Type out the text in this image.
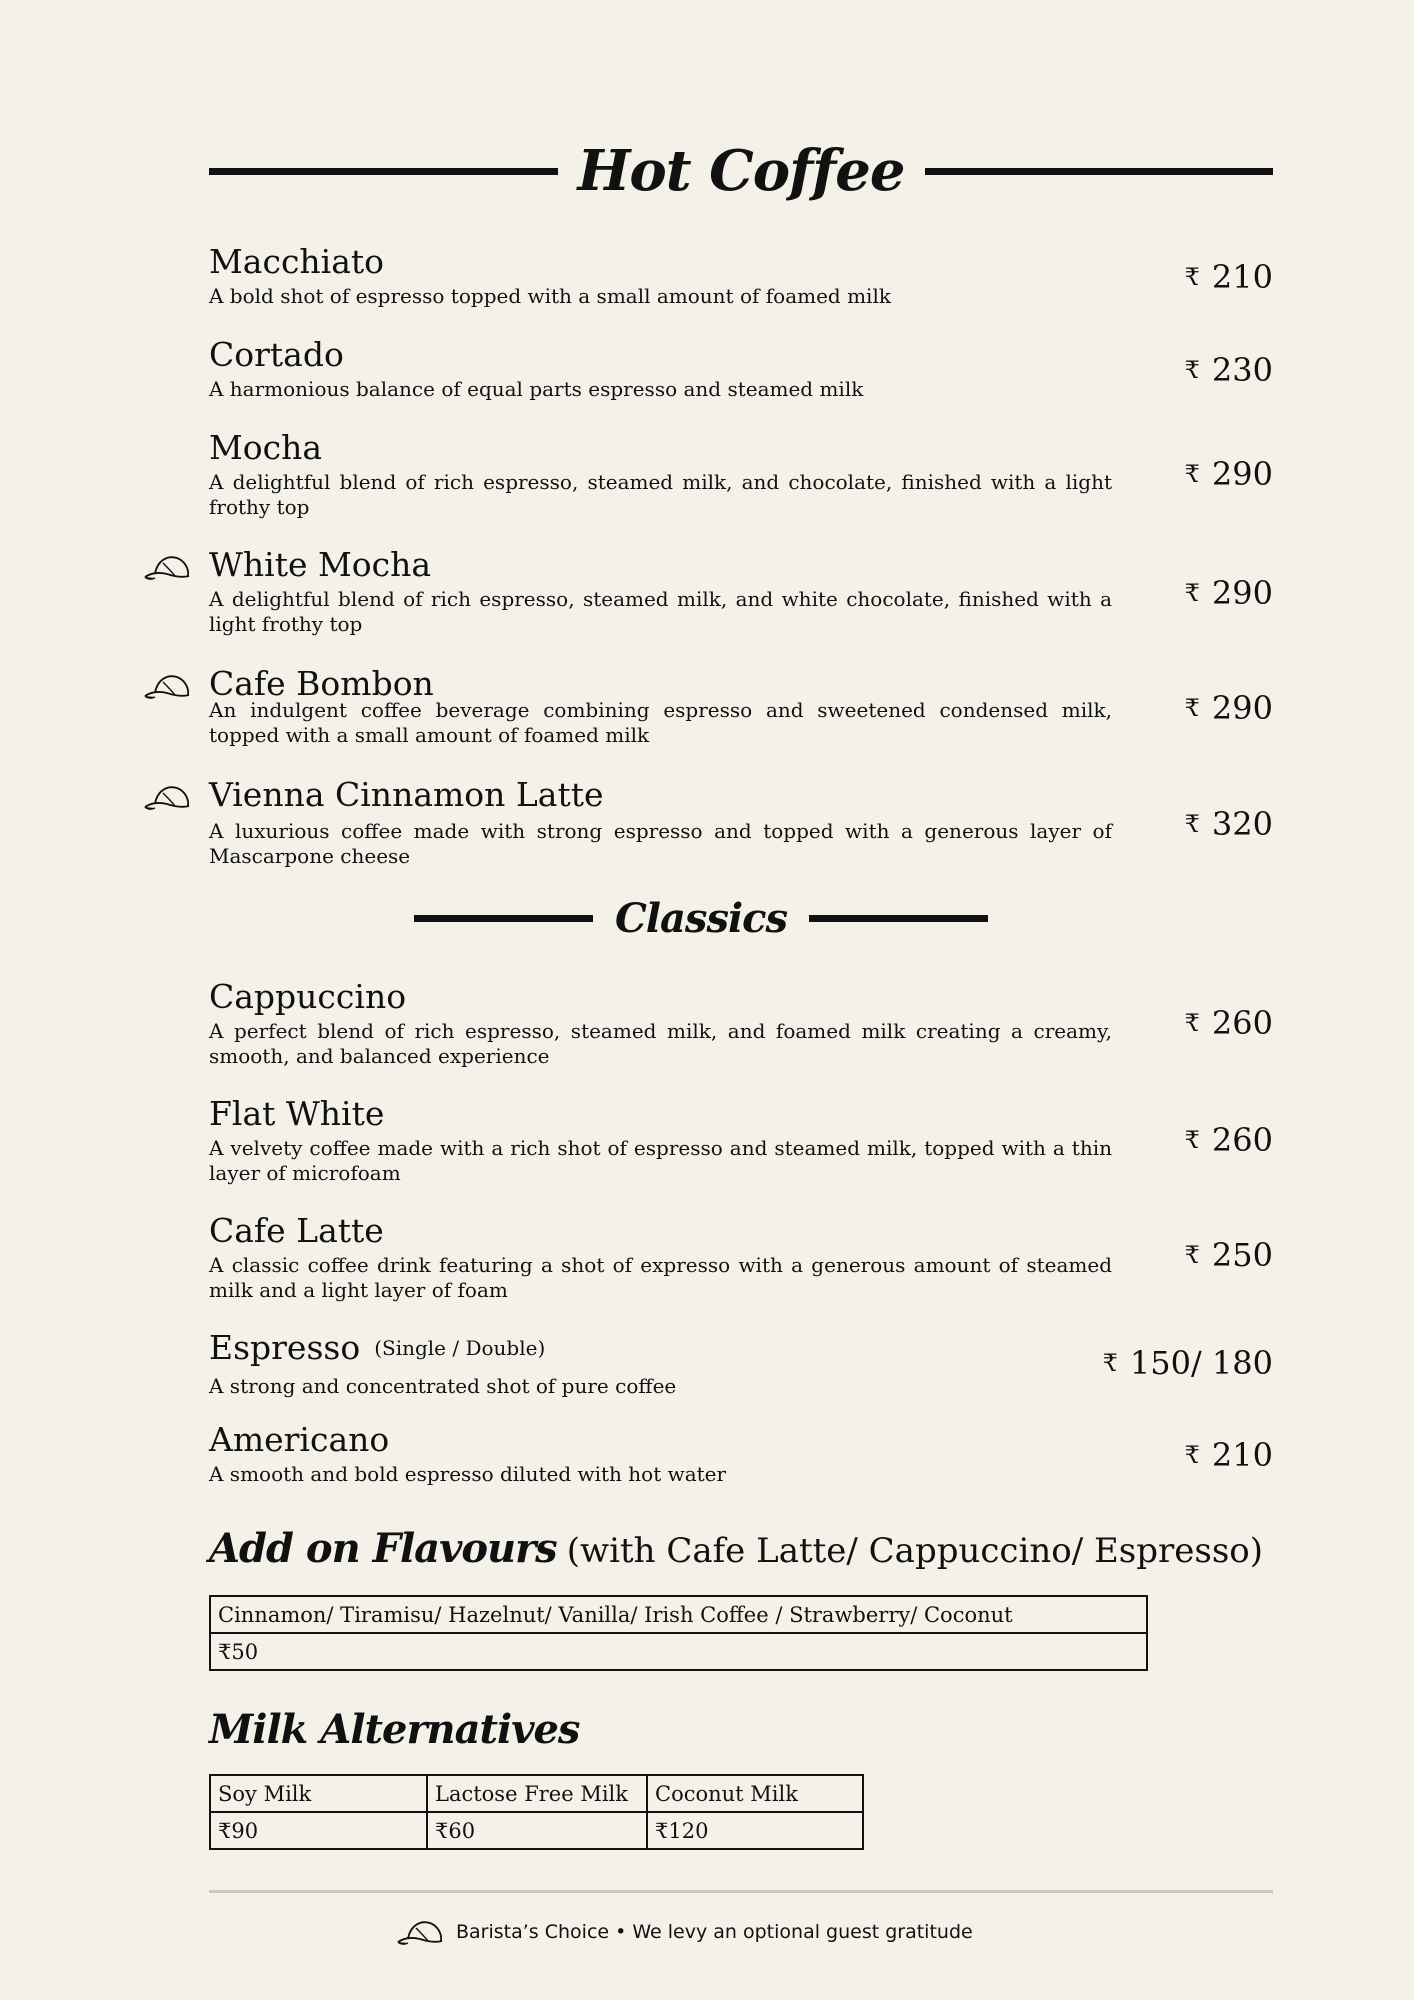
Hot Coffee
Macchiato
A bold shot of espresso topped with a small amount of foamed milk
₹ 210
Cortado
A harmonious balance of equal parts espresso and steamed milk
₹ 230
Mocha
A delightful blend of rich espresso, steamed milk, and chocolate, finished with a light frothy top
₹ 290
White Mocha
A delightful blend of rich espresso, steamed milk, and white chocolate, finished with a light frothy top
₹ 290
Cafe Bombon
An indulgent coffee beverage combining espresso and sweetened condensed milk, topped with a small amount of foamed milk
₹ 290
Vienna Cinnamon Latte
A luxurious coffee made with strong espresso and topped with a generous layer of Mascarpone cheese
₹ 320
Classics
Cappuccino
A perfect blend of rich espresso, steamed milk, and foamed milk creating a creamy, smooth, and balanced experience
₹ 260
Flat White
A velvety coffee made with a rich shot of espresso and steamed milk, topped with a thin layer of microfoam
₹ 260
Cafe Latte
A classic coffee drink featuring a shot of expresso with a generous amount of steamed milk and a light layer of foam
₹ 250
Espresso (Single / Double)
A strong and concentrated shot of pure coffee
₹ 150/ 180
Americano
A smooth and bold espresso diluted with hot water
₹ 210
Add on Flavours (with Cafe Latte/ Cappuccino/ Espresso)
Cinnamon/ Tiramisu/ Hazelnut/ Vanilla/ Irish Coffee / Strawberry/ Coconut
₹50
Milk Alternatives
Soy Milk	Lactose Free Milk	Coconut Milk
₹90	₹60	₹120
Barista’s Choice • We levy an optional guest gratitude
